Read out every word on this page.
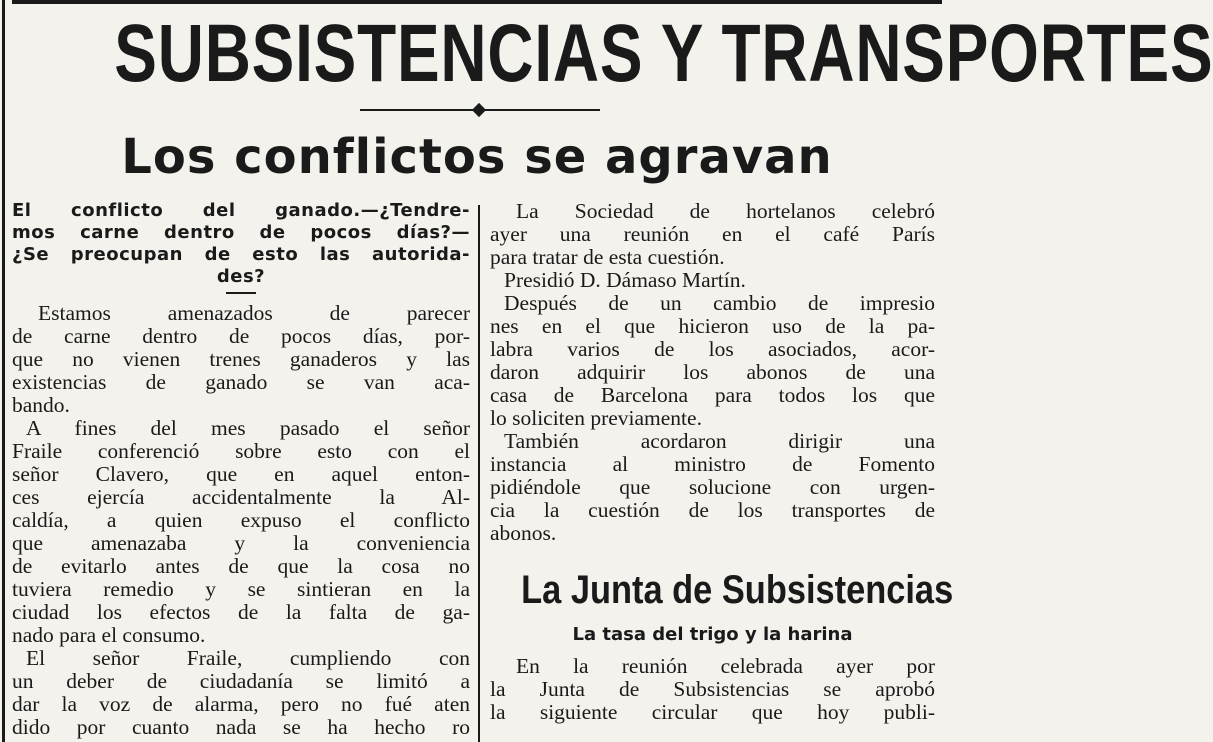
SUBSISTENCIAS Y TRANSPORTES
Los conflictos se agravan
El conflicto del ganado.—¿Tendre-
mos carne dentro de pocos días?—
¿Se preocupan de esto las autorida-
des?
Estamos amenazados de parecer
de carne dentro de pocos días, por-
que no vienen trenes ganaderos y las
existencias de ganado se van aca-
bando.
A fines del mes pasado el señor
Fraile conferenció sobre esto con el
señor Clavero, que en aquel enton-
ces ejercía accidentalmente la Al-
caldía, a quien expuso el conflicto
que amenazaba y la conveniencia
de evitarlo antes de que la cosa no
tuviera remedio y se sintieran en la
ciudad los efectos de la falta de ga-
nado para el consumo.
El señor Fraile, cumpliendo con
un deber de ciudadanía se limitó a
dar la voz de alarma, pero no fué aten
dido por cuanto nada se ha hecho ro
La Sociedad de hortelanos celebró
ayer una reunión en el café París
para tratar de esta cuestión.
Presidió D. Dámaso Martín.
Después de un cambio de impresio
nes en el que hicieron uso de la pa-
labra varios de los asociados, acor-
daron adquirir los abonos de una
casa de Barcelona para todos los que
lo soliciten previamente.
También acordaron dirigir una
instancia al ministro de Fomento
pidiéndole que solucione con urgen-
cia la cuestión de los transportes de
abonos.
La Junta de Subsistencias
La tasa del trigo y la harina
En la reunión celebrada ayer por
la Junta de Subsistencias se aprobó
la siguiente circular que hoy publi-
